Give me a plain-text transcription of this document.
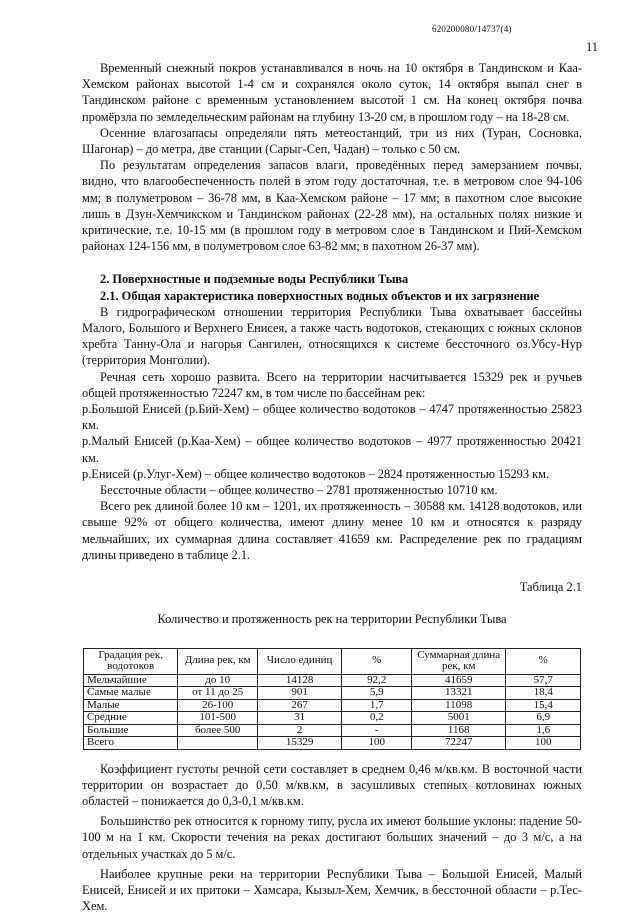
620200080/14737(4)
11

Временный снежный покров устанавливался в ночь на 10 октября в Тандинском и Каа-Хемском районах высотой 1-4 см и сохранялся около суток, 14 октября выпал снег в Тандинском районе с временным установлением высотой 1 см. На конец октября почва промёрзла по земледельческим районам на глубину 13-20 см, в прошлом году – на 18-28 см.

Осенние влагозапасы определяли пять метеостанций, три из них (Туран, Сосновка, Шагонар) – до метра, две станции (Сарыг-Сеп, Чадан) – только с 50 см.

По результатам определения запасов влаги, проведённых перед замерзанием почвы, видно, что влагообеспеченность полей в этом году достаточная, т.е. в метровом слое 94-106 мм; в полуметровом – 36-78 мм, в Каа-Хемском районе – 17 мм; в пахотном слое высокие лишь в Дзун-Хемчикском и Тандинском районах (22-28 мм), на остальных полях низкие и критические, т.е. 10-15 мм (в прошлом году в метровом слое в Тандинском и Пий-Хемском районах 124-156 мм, в полуметровом слое 63-82 мм; в пахотном 26-37 мм).

2. Поверхностные и подземные воды Республики Тыва
2.1. Общая характеристика поверхностных водных объектов и их загрязнение

В гидрографическом отношении территория Республики Тыва охватывает бассейны Малого, Большого и Верхнего Енисея, а также часть водотоков, стекающих с южных склонов хребта Танну-Ола и нагорья Сангилен, относящихся к системе бессточного оз.Убсу-Нур (территория Монголии).

Речная сеть хорошо развита. Всего на территории насчитывается 15329 рек и ручьев общей протяженностью 72247 км, в том числе по бассейнам рек:

р.Большой Енисей (р.Бий-Хем) – общее количество водотоков – 4747 протяженностью 25823 км.

р.Малый Енисей (р.Каа-Хем) – общее количество водотоков – 4977 протяженностью 20421 км.

р.Енисей (р.Улуг-Хем) – общее количество водотоков – 2824 протяженностью 15293 км.

Бессточные области – общее количество – 2781 протяженностью 10710 км.

Всего рек длиной более 10 км – 1201, их протяженность – 30588 км. 14128 водотоков, или свыше 92% от общего количества, имеют длину менее 10 км и относятся к разряду мельчайших, их суммарная длина составляет 41659 км. Распределение рек по градациям длины приведено в таблице 2.1.

Таблица 2.1
Количество и протяженность рек на территории Республики Тыва
Градация рек, водотоков	Длина рек, км	Число единиц	%	Суммарная длина рек, км	%
Мельчайшие	до 10	14128	92,2	41659	57,7
Самые малые	от 11 до 25	901	5,9	13321	18,4
Малые	26-100	267	1,7	11098	15,4
Средние	101-500	31	0,2	5001	6,9
Большие	более 500	2	-	1168	1,6
Всего		15329	100	72247	100

Коэффициент густоты речной сети составляет в среднем 0,46 м/кв.км. В восточной части территории он возрастает до 0,50 м/кв.км, в засушливых степных котловинах южных областей – понижается до 0,3-0,1 м/кв.км.

Большинство рек относится к горному типу, русла их имеют большие уклоны: падение 50-100 м на 1 км. Скорости течения на реках достигают больших значений – до 3 м/с, а на отдельных участках до 5 м/с.

Наиболее крупные реки на территории Республики Тыва – Большой Енисей, Малый Енисей, Енисей и их притоки – Хамсара, Кызыл-Хем, Хемчик, в бессточной области – р.Тес-Хем.
